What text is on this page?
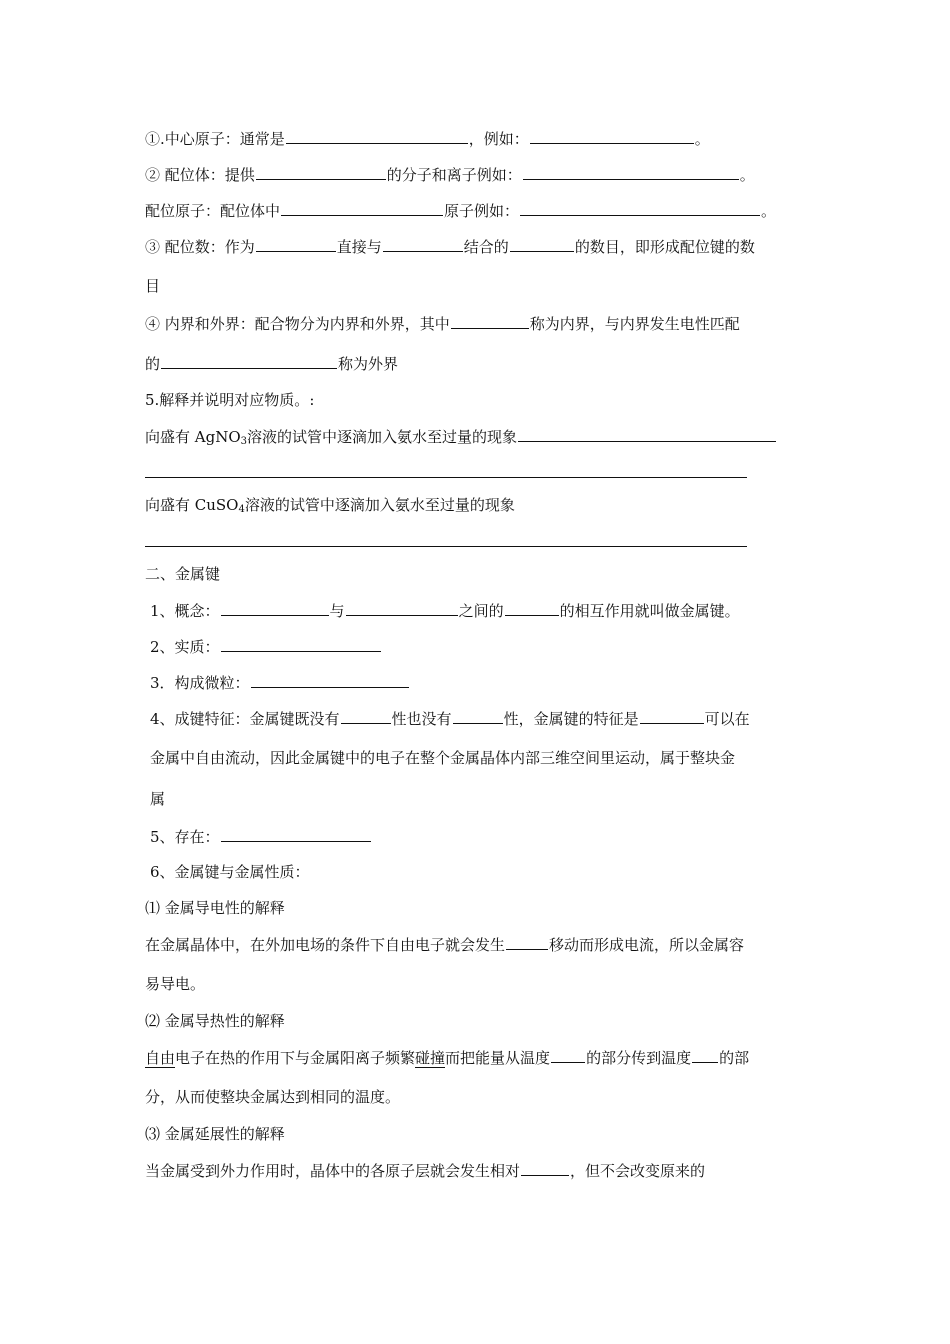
①.中心原子：通常是	，例如：	。
② 配位体：提供	的分子和离子例如：	。
配位原子：配位体中	原子例如：	。
③ 配位数：作为	直接与	结合的	的数目，即形成配位键的数
目
④ 内界和外界：配合物分为内界和外界，其中	称为内界，与内界发生电性匹配
的	称为外界
5.解释并说明对应物质。:
向盛有 AgNO$_3$溶液的试管中逐滴加入氨水至过量的现象
向盛有 CuSO$_4$溶液的试管中逐滴加入氨水至过量的现象
二、金属键
1、概念：	与	之间的	的相互作用就叫做金属键。
2、实质：
3．构成微粒：
4、成键特征：金属键既没有	性也没有	性，金属键的特征是	可以在
金属中自由流动，因此金属键中的电子在整个金属晶体内部三维空间里运动，属于整块金
属
5、存在：
6、金属键与金属性质：
⑴ 金属导电性的解释
在金属晶体中，在外加电场的条件下自由电子就会发生	移动而形成电流，所以金属容
易导电。
⑵ 金属导热性的解释
自由电子在热的作用下与金属阳离子频繁碰撞而把能量从温度 的部分传到温度 的部
分，从而使整块金属达到相同的温度。
⑶ 金属延展性的解释
当金属受到外力作用时，晶体中的各原子层就会发生相对	，但不会改变原来的
